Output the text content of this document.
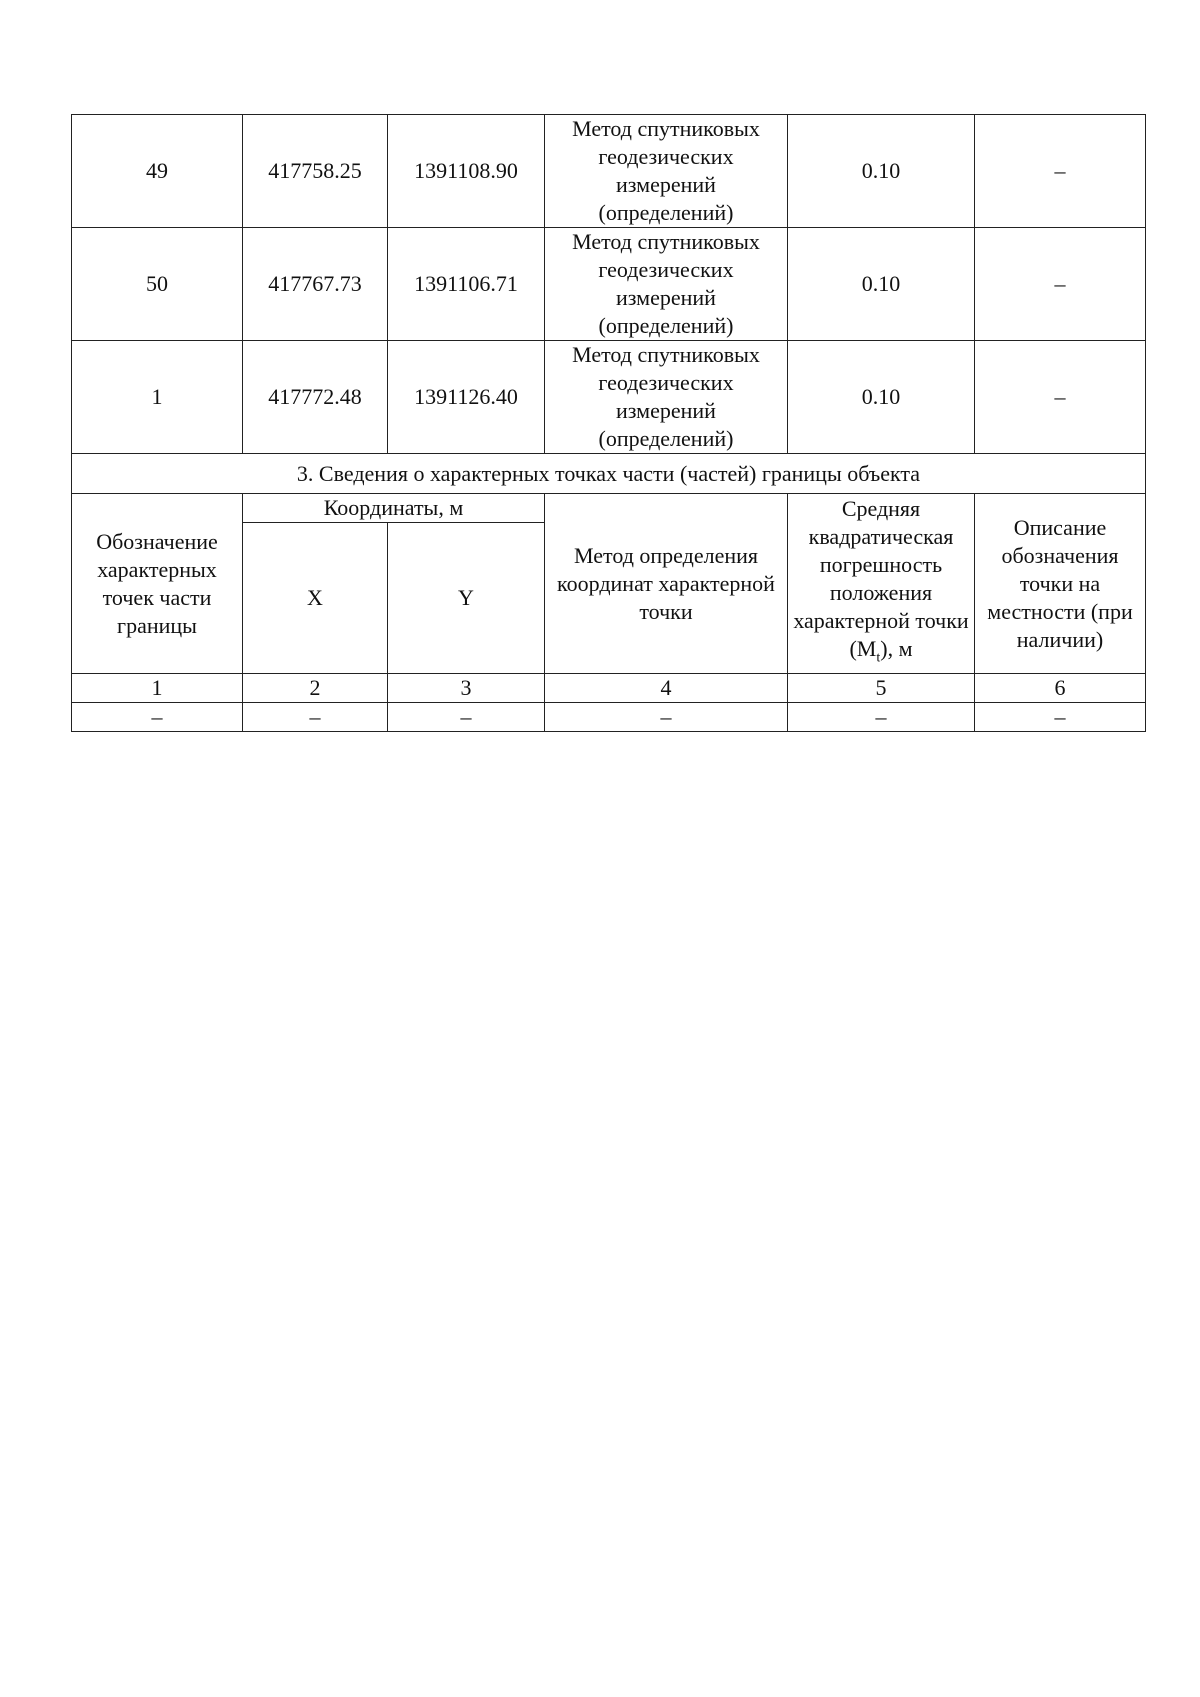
49	417758.25	1391108.90	Метод спутниковых геодезических измерений (определений)	0.10	–
50	417767.73	1391106.71	Метод спутниковых геодезических измерений (определений)	0.10	–
1	417772.48	1391126.40	Метод спутниковых геодезических измерений (определений)	0.10	–
3. Сведения о характерных точках части (частей) границы объекта					
Обозначение характерных точек части границы	Координаты, м		Метод определения координат характерной точки	Средняя квадратическая погрешность положения характерной точки $(M_t)$, м	Описание обозначения точки на местности (при наличии)
	X	Y			
1	2	3	4	5	6
–	–	–	–	–	–
